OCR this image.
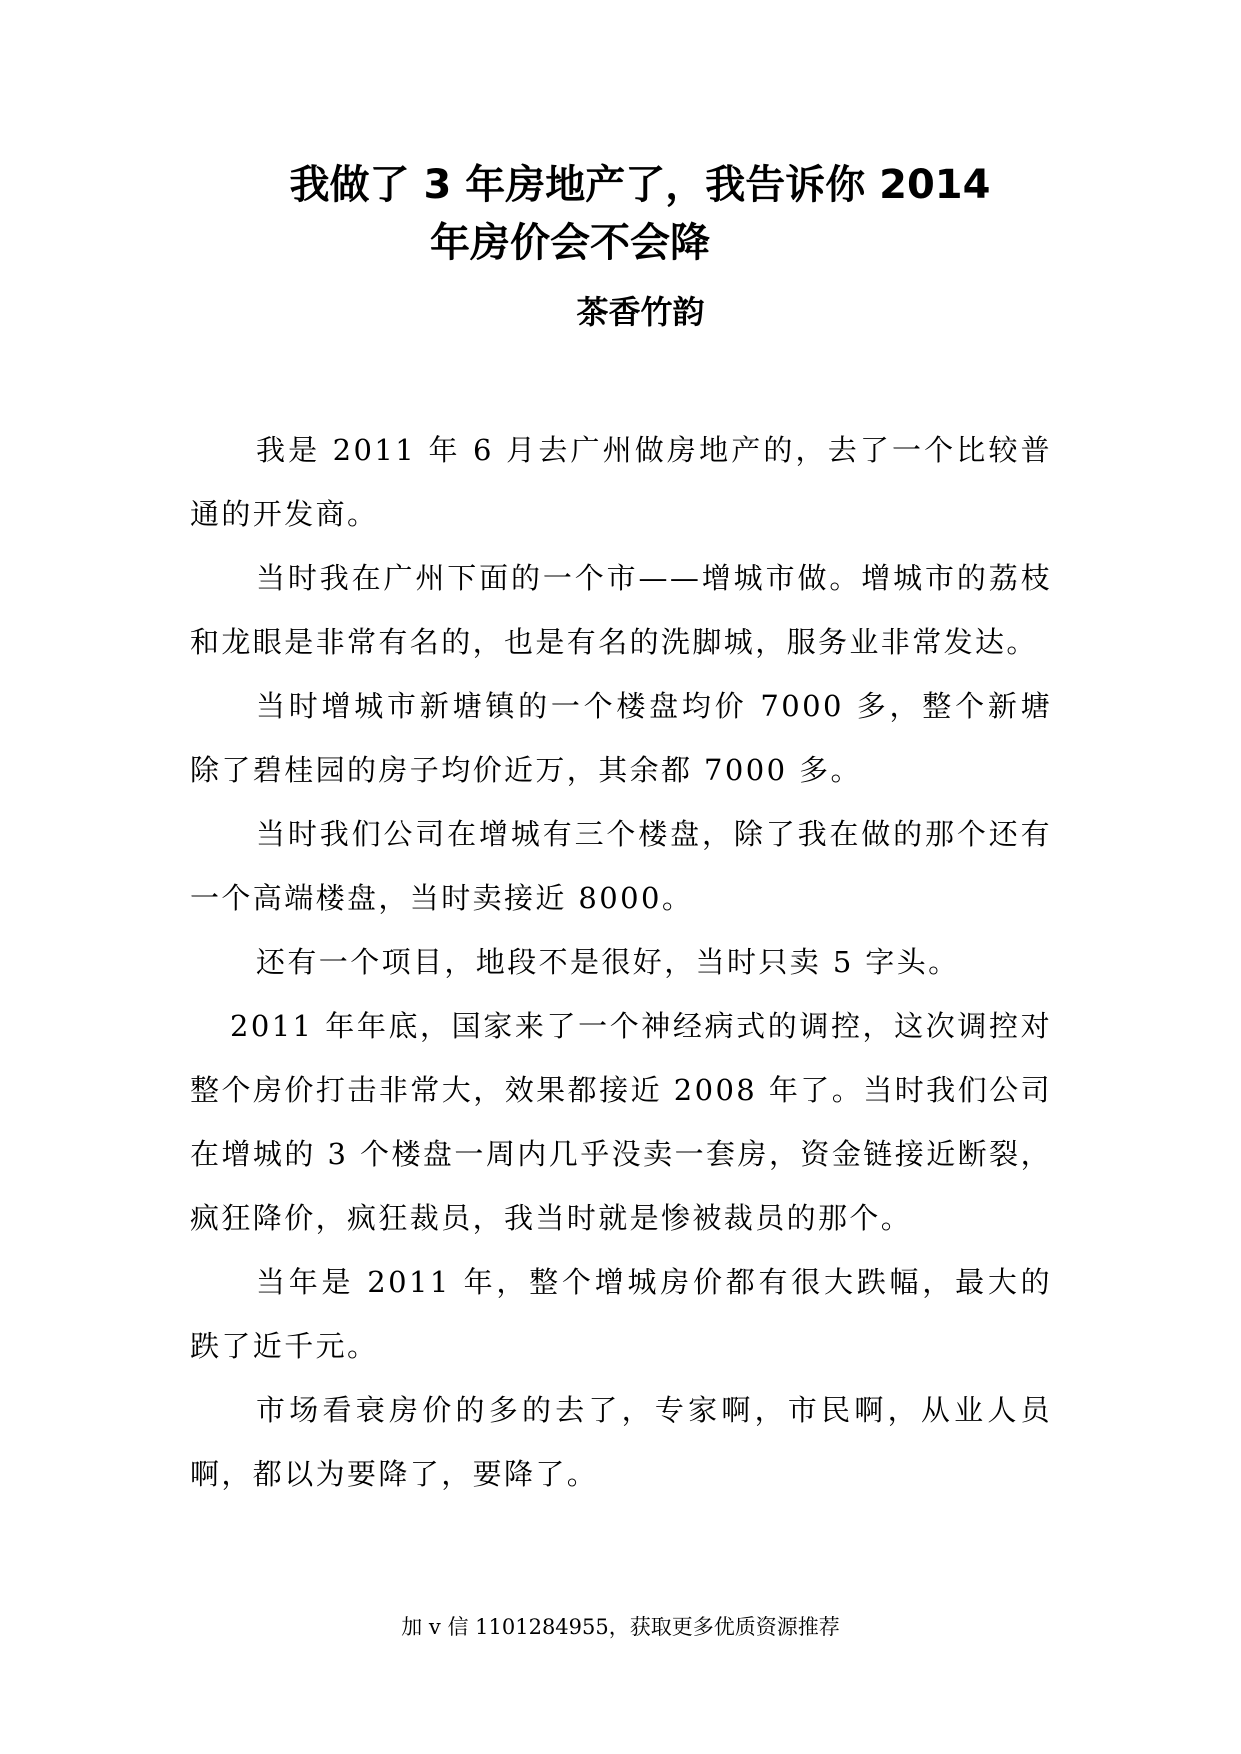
我做了 3 年房地产了，我告诉你 2014
年房价会不会降
茶香竹韵

我是 2011 年 6 月去广州做房地产的，去了一个比较普通的开发商。

当时我在广州下面的一个市——增城市做。增城市的荔枝和龙眼是非常有名的，也是有名的洗脚城，服务业非常发达。

当时增城市新塘镇的一个楼盘均价 7000 多，整个新塘除了碧桂园的房子均价近万，其余都 7000 多。

当时我们公司在增城有三个楼盘，除了我在做的那个还有一个高端楼盘，当时卖接近 8000。

还有一个项目，地段不是很好，当时只卖 5 字头。

2011 年年底，国家来了一个神经病式的调控，这次调控对整个房价打击非常大，效果都接近 2008 年了。当时我们公司在增城的 3 个楼盘一周内几乎没卖一套房，资金链接近断裂，疯狂降价，疯狂裁员，我当时就是惨被裁员的那个。

当年是 2011 年，整个增城房价都有很大跌幅，最大的跌了近千元。

市场看衰房价的多的去了，专家啊，市民啊，从业人员啊，都以为要降了，要降了。

加 v 信 1101284955，获取更多优质资源推荐
